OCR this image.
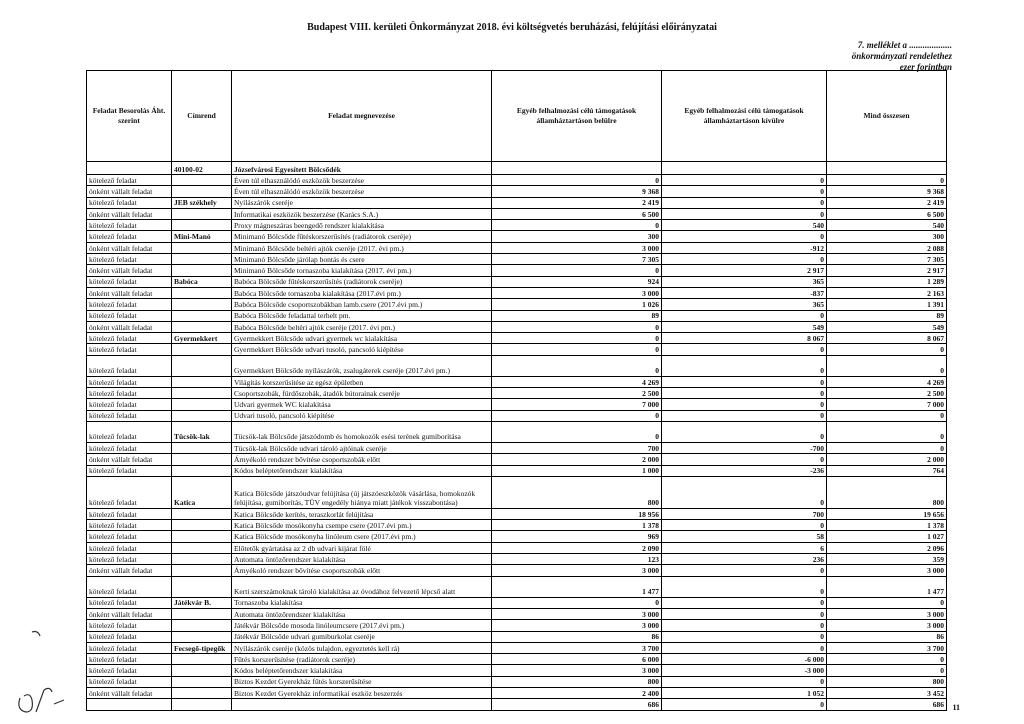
Budapest VIII. kerületi Önkormányzat 2018. évi költségvetés beruházási, felújítási előirányzatai
7. melléklet a ...................
önkormányzati rendelethez
ezer forintban
Feladat Besorolás Áht. szerint	Címrend	Feladat megnevezése	Egyéb felhalmozási célú támogatások államháztartáson belülre	Egyéb felhalmozási célú támogatások államháztartáson kívülre	Mind összesen
	40100-02	Józsefvárosi Egyesített Bölcsődék			
kötelező feladat		Éven túl elhasználódó eszközök beszerzése	0	0	0
önként vállalt feladat		Éven túl elhasználódó eszközök beszerzése	9 368	0	9 368
kötelező feladat	JEB székhely	Nyílászárók cseréje	2 419	0	2 419
önként vállalt feladat		Informatikai eszközök beszerzése (Karács S.A.)	6 500	0	6 500
kötelező feladat		Proxy mágneszáras beengedő rendszer kialakítása	0	540	540
kötelező feladat	Mini-Manó	Minimanó Bölcsőde fűtéskorszerűsítés (radiátorok cseréje)	300	0	300
önként vállalt feladat		Minimanó Bölcsőde beltéri ajtók cseréje (2017. évi pm.)	3 000	-912	2 088
kötelező feladat		Minimanó Bölcsőde járólap bontás és csere	7 305	0	7 305
önként vállalt feladat		Minimanó Bölcsőde tornaszoba kialakítása (2017. évi pm.)	0	2 917	2 917
kötelező feladat	Babóca	Babóca Bölcsőde fűtéskorszerűsítés (radiátorok cseréje)	924	365	1 289
önként vállalt feladat		Babóca Bölcsőde tornaszoba kialakítása (2017.évi pm.)	3 000	-837	2 163
kötelező feladat		Babóca Bölcsőde csoportszobákban lamb.csere (2017.évi pm.)	1 026	365	1 391
kötelező feladat		Babóca Bölcsőde feladattal terhelt pm.	89	0	89
önként vállalt feladat		Babóca Bölcsőde beltéri ajtók cseréje (2017. évi pm.)	0	549	549
kötelező feladat	Gyermekkert	Gyermekkert Bölcsőde udvari gyermek wc kialakítása	0	8 067	8 067
kötelező feladat		Gyermekkert Bölcsőde udvari tusoló, pancsoló kiépítése	0	0	0
kötelező feladat		Gyermekkert Bölcsőde nyílászárók, zsalugáterek cseréje (2017.évi pm.)	0	0	0
kötelező feladat		Világítás korszerűsítése az egész épületben	4 269	0	4 269
kötelező feladat		Csoportszobák, fürdőszobák, átadók bútorainak cseréje	2 500	0	2 500
kötelező feladat		Udvari gyermek WC kialakítása	7 000	0	7 000
kötelező feladat		Udvari tusoló, pancsoló kiépítése	0	0	0
kötelező feladat	Tücsök-lak	Tücsök-lak Bölcsőde játszódomb és homokozók esési terének gumiborítása	0	0	0
kötelező feladat		Tücsök-lak Bölcsőde udvari tároló ajtóinak cseréje	700	-700	0
önként vállalt feladat		Árnyékoló rendszer bővítése csoportszobák előtt	2 000	0	2 000
kötelező feladat		Kódos beléptetőrendszer kialakítása	1 000	-236	764
kötelező feladat	Katica	Katica Bölcsőde játszóudvar felújítása (új játszóeszközök vásárlása, homokozók felújítása, gumiborítás, TÜV engedély hiánya miatt játékok visszabontása)	800	0	800
kötelező feladat		Katica Bölcsőde kerítés, teraszkorlát felújítása	18 956	700	19 656
kötelező feladat		Katica Bölcsőde mosókonyha csempe csere (2017.évi pm.)	1 378	0	1 378
kötelező feladat		Katica Bölcsőde mosókonyha linóleum csere (2017.évi pm.)	969	58	1 027
kötelező feladat		Előtetők gyártatása az 2 db udvari kijárat fölé	2 090	6	2 096
kötelező feladat		Automata öntözőrendszer kialakítása	123	236	359
önként vállalt feladat		Árnyékoló rendszer bővítése csoportszobák előtt	3 000	0	3 000
kötelező feladat		Kerti szerszámoknak tároló kialakítása az óvodához felvezető lépcső alatt	1 477	0	1 477
kötelező feladat	Játékvár B.	Tornaszoba kialakítása	0	0	0
önként vállalt feladat		Automata öntözőrendszer kialakítása	3 000	0	3 000
kötelező feladat		Játékvár Bölcsőde mosoda linóleumcsere (2017.évi pm.)	3 000	0	3 000
kötelező feladat		Játékvár Bölcsőde udvari gumiburkolat cseréje	86	0	86
kötelező feladat	Fecsegő-tipegők	Nyílászárók cseréje (közös tulajdon, egyeztetés kell rá)	3 700	0	3 700
kötelező feladat		Fűtés korszerűsítése (radiátorok cseréje)	6 000	-6 000	0
kötelező feladat		Kódos beléptetőrendszer kialakítása	3 000	-3 000	0
kötelező feladat		Biztos Kezdet Gyerekház fűtés korszerűsítése	800	0	800
önként vállalt feladat		Biztos Kezdet Gyerekház informatikai eszköz beszerzés	2 400	1 052	3 452
			686	0	686 11
